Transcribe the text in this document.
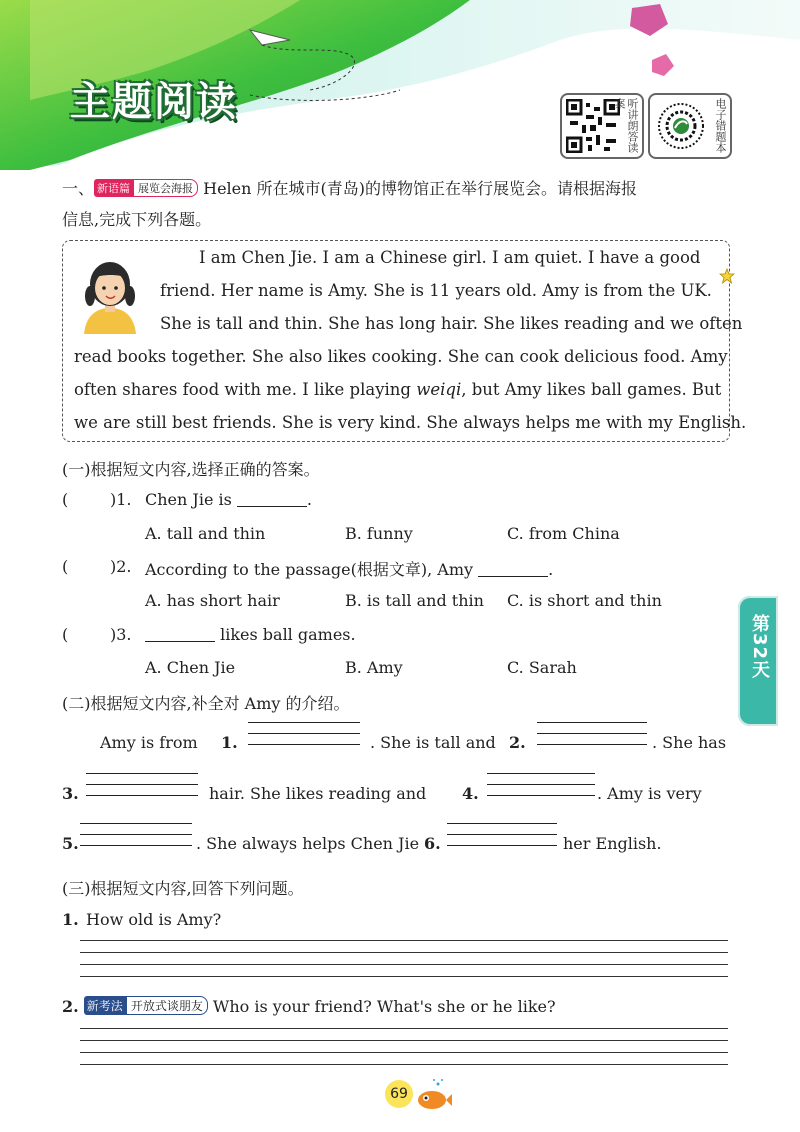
主题阅读	听讲朗答读案	电子错题本
一、 新语篇 展览会海报 Helen 所在城市(青岛)的博物馆正在举行展览会。请根据海报
信息,完成下列各题。
I am Chen Jie. I am a Chinese girl. I am quiet. I have a good
friend. Her name is Amy. She is 11 years old. Amy is from the UK.
She is tall and thin. She has long hair. She likes reading and we often
read books together. She also likes cooking. She can cook delicious food. Amy
often shares food with me. I like playing weiqi, but Amy likes ball games. But
we are still best friends. She is very kind. She always helps me with my English.
(一)根据短文内容,选择正确的答案。
(	)1. Chen Jie is	.
A. tall and thin	B. funny	C. from China
(	)2. According to the passage(根据文章), Amy	.
A. has short hair	B. is tall and thin C. is short and thin
(	)3.	likes ball games.
A. Chen Jie	B. Amy	C. Sarah	第32天
(二)根据短文内容,补全对 Amy 的介绍。
Amy is from 1.	. She is tall and 2.	. She has
3.	hair. She likes reading and 4.	. Amy is very
5.	. She always helps Chen Jie 6.	her English.
(三)根据短文内容,回答下列问题。
1. How old is Amy?
2. 新考法 开放式谈朋友 Who is your friend? What's she or he like?
69
